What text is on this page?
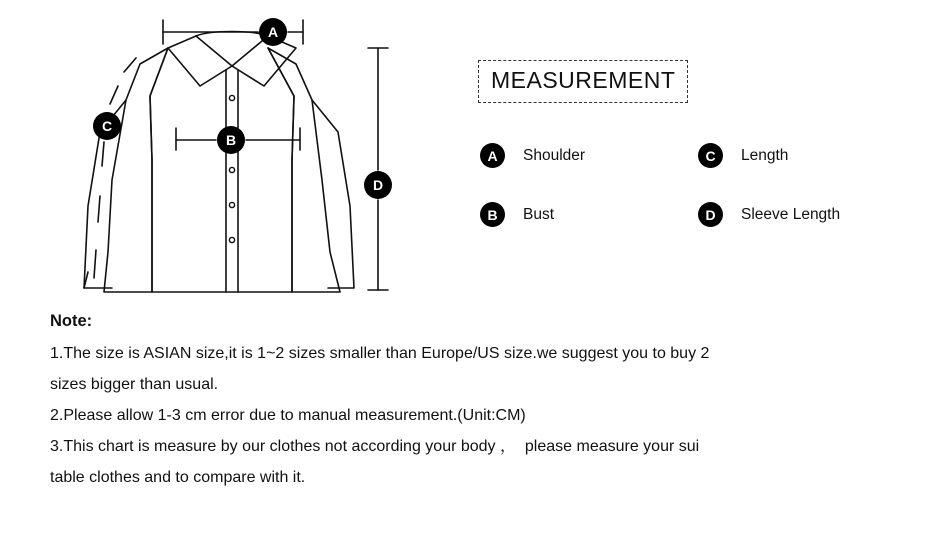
A
B
C
D
MEASUREMENT
A	Shoulder
B	Bust
C	Length
D	Sleeve Length
Note:
1.The size is ASIAN size,it is 1~2 sizes smaller than Europe/US size.we suggest you to buy 2
sizes bigger than usual.
2.Please allow 1-3 cm error due to manual measurement.(Unit:CM)
3.This chart is measure by our clothes not according your body ，  please measure your sui
table clothes and to compare with it.
